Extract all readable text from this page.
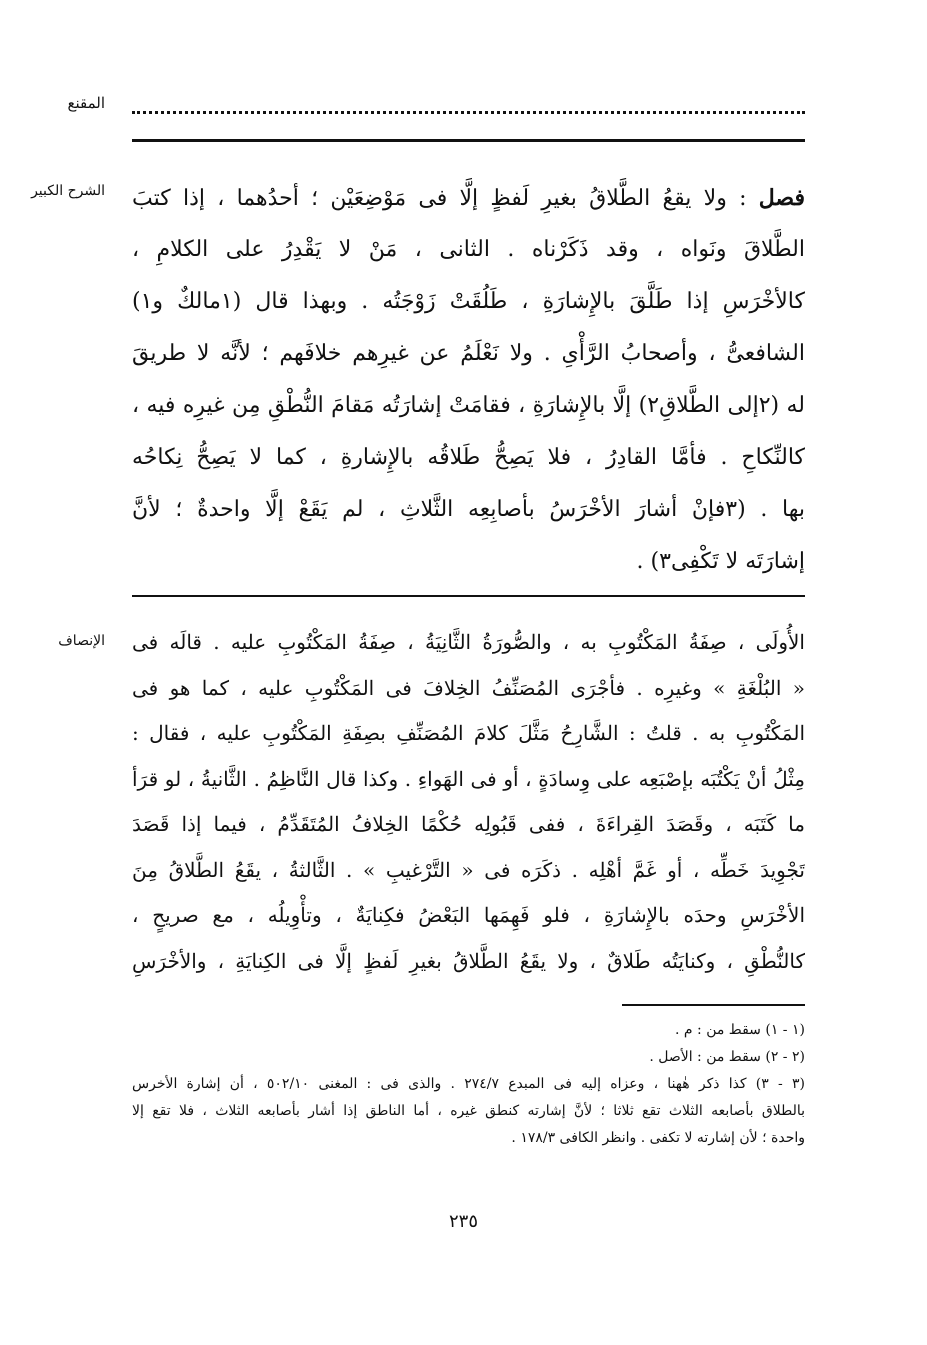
المقنع
الشرح الكبير	فصل : ولا يقعُ الطَّلاقُ بغيرِ لَفظٍ إلَّا فى مَوْضِعَيْن ؛ أحدُهما ، إذا كتبَ
الطَّلاقَ ونَواه ، وقد ذَكَرْناه . الثانى ، مَنْ لا يَقْدِرُ على الكلامِ ،
كالأخْرَسِ إذا طَلَّقَ بالإِشارَةِ ، طَلُقَتْ زَوْجَتُه . وبهذا قال (١مالكٌ و١)
الشافعىُّ ، وأصحابُ الرَّأْىِ . ولا نَعْلَمُ عن غيرِهم خلافَهم ؛ لأنَّه لا طريقَ
له (٢إلى الطَّلاقِ٢) إلَّا بالإِشارَةِ ، فقامَتْ إشارَتُه مَقامَ النُّطْقِ مِن غيرِه فيه ،
كالنِّكاحِ . فأمَّا القادِرُ ، فلا يَصِحُّ طَلاقُه بالإِشارةِ ، كما لا يَصِحُّ نِكاحُه
بها . (٣فإنْ أشارَ الأخْرَسُ بأصابِعِه الثَّلاثِ ، لم يَقَعْ إلَّا واحدةٌ ؛ لأنَّ
إشارَتَه لا تَكْفِى٣) .
الإنصاف الأُولَى ، صِفَةُ المَكْتُوبِ به ، والصُّورَةُ الثَّانِيَةُ ، صِفَةُ المَكْتُوبِ عليه . قالَه فى
« البُلْغَةِ » وغيرِه . فأجْرَى المُصَنِّفُ الخِلافَ فى المَكْتُوبِ عليه ، كما هو فى
المَكْتُوبِ به . قلتُ : الشَّارِحُ مَثَّلَ كلامَ المُصَنِّفِ بصِفَةِ المَكْتُوبِ عليه ، فقال :
مِثْلُ أنْ يَكْتُبَه بإصْبَعِه على وِسادَةٍ ، أو فى الهَواءِ . وكذا قال النَّاظِمُ . الثَّانيةُ ، لو قرَأ
ما كَتَبَه ، وقَصَدَ القِراءَةَ ، ففى قَبُولِه حُكْمًا الخِلافُ المُتَقَدِّمُ ، فيما إذا قَصَدَ
تَجْوِيدَ خَطِّه ، أو غَمَّ أهْلِه . ذكَرَه فى « التَّرْغيبِ » . الثَّالثةُ ، يقَعُ الطَّلاقُ مِنَ
الأخْرَسِ وحدَه بالإِشارَةِ ، فلو فَهِمَها البَعْضُ فكِنايَةٌ ، وتأْوِيلُه ، مع صريحٍ ،
كالنُّطْقِ ، وكنايَتُه طَلاقٌ ، ولا يقَعُ الطَّلاقُ بغيرِ لَفظٍ إلَّا فى الكِنايَةِ ، والأخْرَسِ
(١ - ١) سقط من : م .
(٢ - ٢) سقط من : الأصل .
(٣ - ٣) كذا ذكر هٰهنا ، وعزاه إليه فى المبدع ٢٧٤/٧ . والذى فى : المغنى ٥٠٢/١٠ ، أن إشارة الأخرس
بالطلاق بأصابعه الثلاث تقع ثلاثا ؛ لأنَّ إشارته كنطق غيره ، أما الناطق إذا أشار بأصابعه الثلاث ، فلا تقع إلا
واحدة ؛ لأن إشارته لا تكفى . وانظر الكافى ١٧٨/٣ .
٢٣٥
